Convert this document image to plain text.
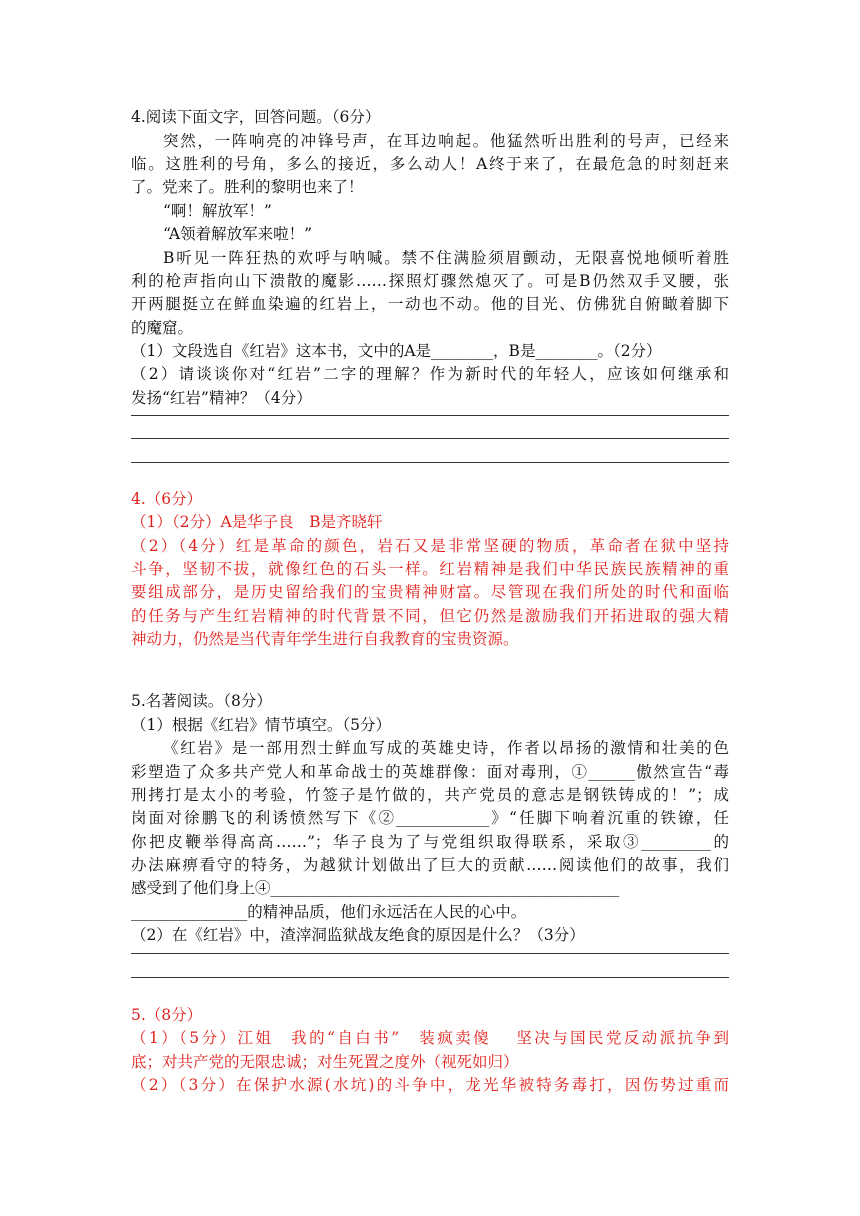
4.阅读下面文字，回答问题。（6分）
突然，一阵响亮的冲锋号声，在耳边响起。他猛然听出胜利的号声，已经来
临。这胜利的号角，多么的接近，多么动人！A终于来了，在最危急的时刻赶来
了。党来了。胜利的黎明也来了！
“啊！解放军！”
“A领着解放军来啦！”
B听见一阵狂热的欢呼与呐喊。禁不住满脸须眉颤动，无限喜悦地倾听着胜
利的枪声指向山下溃散的魔影……探照灯骤然熄灭了。可是B仍然双手叉腰，张
开两腿挺立在鲜血染遍的红岩上，一动也不动。他的目光、仿佛犹自俯瞰着脚下
的魔窟。
（1）文段选自《红岩》这本书，文中的A是________，B是________。（2分）
（2）请谈谈你对“红岩”二字的理解？作为新时代的年轻人，应该如何继承和
发扬“红岩”精神？（4分）
4.（6分）
（1）（2分）A是华子良　B是齐晓轩
（2）（4分）红是革命的颜色，岩石又是非常坚硬的物质，革命者在狱中坚持
斗争，坚韧不拔，就像红色的石头一样。红岩精神是我们中华民族民族精神的重
要组成部分，是历史留给我们的宝贵精神财富。尽管现在我们所处的时代和面临
的任务与产生红岩精神的时代背景不同，但它仍然是激励我们开拓进取的强大精
神动力，仍然是当代青年学生进行自我教育的宝贵资源。
5.名著阅读。（8分）
（1）根据《红岩》情节填空。（5分）
《红岩》是一部用烈士鲜血写成的英雄史诗，作者以昂扬的激情和壮美的色
彩塑造了众多共产党人和革命战士的英雄群像：面对毒刑，①______傲然宣告“毒
刑拷打是太小的考验，竹签子是竹做的，共产党员的意志是钢铁铸成的！”；成
岗面对徐鹏飞的利诱愤然写下《②____________》“任脚下响着沉重的铁镣，任
你把皮鞭举得高高……”；华子良为了与党组织取得联系，采取③_________的
办法麻痹看守的特务，为越狱计划做出了巨大的贡献……阅读他们的故事，我们
感受到了他们身上④_____________________________________________
_______________的精神品质，他们永远活在人民的心中。
（2）在《红岩》中，渣滓洞监狱战友绝食的原因是什么？（3分）
5.（8分）
（1）（5分）江姐　我的“自白书”　装疯卖傻　 坚决与国民党反动派抗争到
底；对共产党的无限忠诚；对生死置之度外（视死如归）
（2）（3分）在保护水源(水坑)的斗争中，龙光华被特务毒打，因伤势过重而
